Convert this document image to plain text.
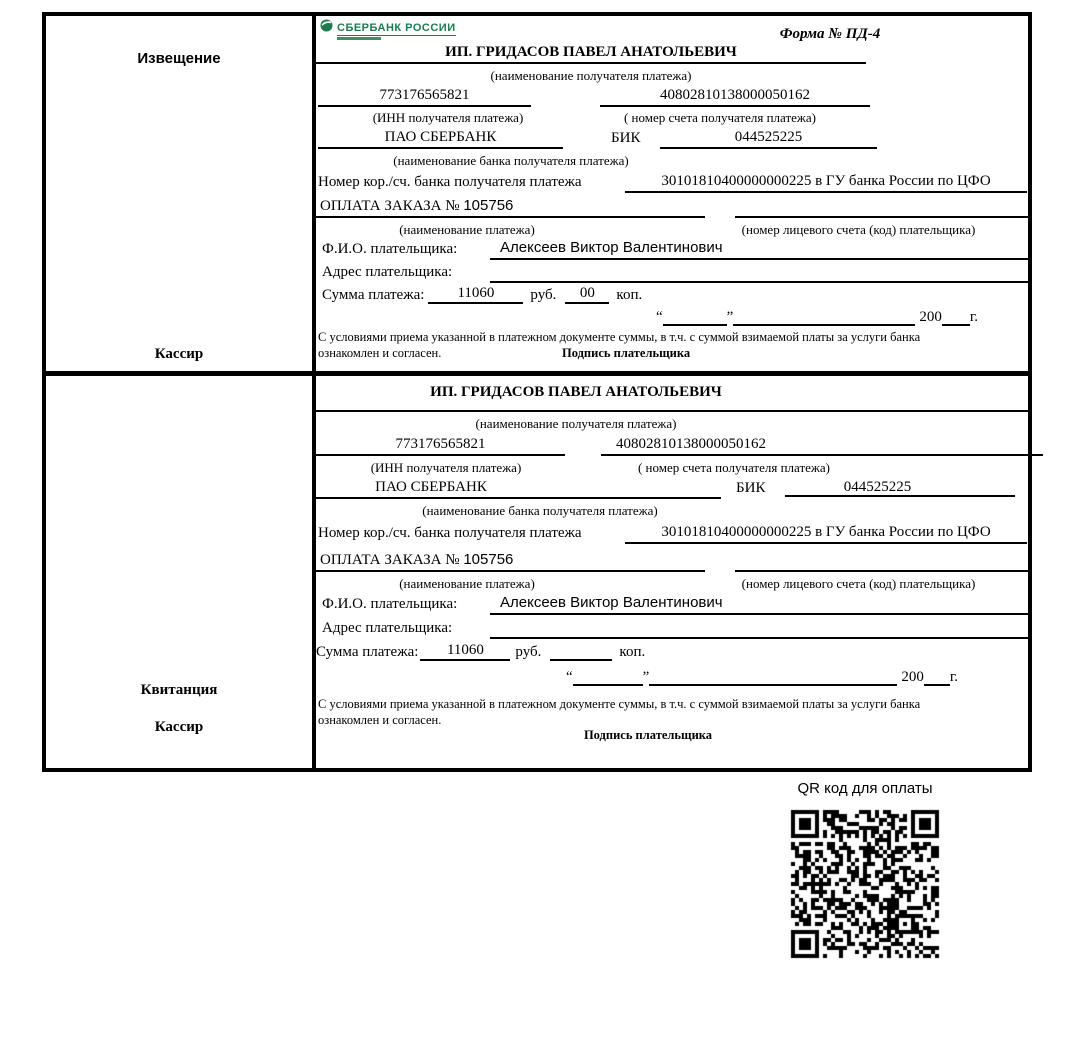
Извещение
Кассир
СБЕРБАНК РОССИИ	Форма № ПД-4
ИП. ГРИДАСОВ ПАВЕЛ АНАТОЛЬЕВИЧ
(наименование получателя платежа)
773176565821	40802810138000050162
(ИНН получателя платежа)	( номер счета получателя платежа)
ПАО СБЕРБАНК	БИК	044525225
(наименование банка получателя платежа)
Номер кор./сч. банка получателя платежа	30101810400000000225 в ГУ банка России по ЦФО
ОПЛАТА ЗАКАЗА № 105756
(наименование платежа)	(номер лицевого счета (код) плательщика)
Ф.И.О. плательщика:	Алексеев Виктор Валентинович
Адрес плательщика:
Сумма платежа:	11060	руб.	00	коп.
“	”	200 г.
С условиями приема указанной в платежном документе суммы, в т.ч. с суммой взимаемой платы за услуги банка
ознакомлен и согласен.	Подпись плательщика
Квитанция
Кассир
ИП. ГРИДАСОВ ПАВЕЛ АНАТОЛЬЕВИЧ
(наименование получателя платежа)
773176565821	40802810138000050162
(ИНН получателя платежа)	( номер счета получателя платежа)
ПАО СБЕРБАНК	БИК	044525225
(наименование банка получателя платежа)
Номер кор./сч. банка получателя платежа	30101810400000000225 в ГУ банка России по ЦФО
ОПЛАТА ЗАКАЗА № 105756
(наименование платежа)	(номер лицевого счета (код) плательщика)
Ф.И.О. плательщика:	Алексеев Виктор Валентинович
Адрес плательщика:
Сумма платежа:	11060	руб.	коп.
“	”	200 г.
С условиями приема указанной в платежном документе суммы, в т.ч. с суммой взимаемой платы за услуги банка
ознакомлен и согласен.
Подпись плательщика
QR код для оплаты
